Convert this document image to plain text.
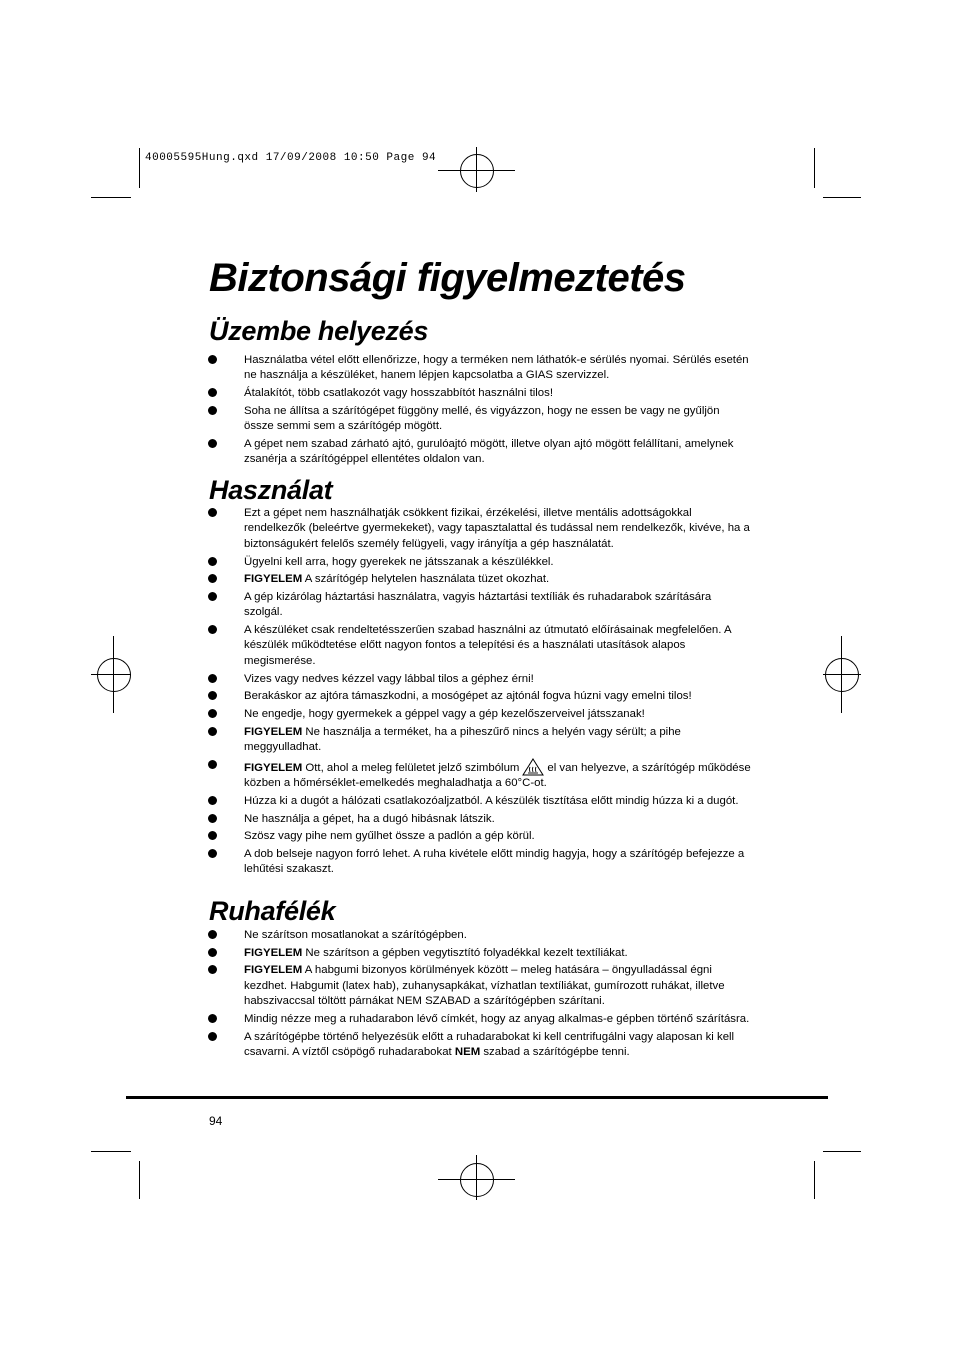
40005595Hung.qxd 17/09/2008 10:50 Page 94
Biztonsági figyelmeztetés
Üzembe helyezés
Használatba vétel előtt ellenőrizze, hogy a terméken nem láthatók-e sérülés nyomai. Sérülés esetén ne használja a készüléket, hanem lépjen kapcsolatba a GIAS szervizzel.
Átalakítót, több csatlakozót vagy hosszabbítót használni tilos!
Soha ne állítsa a szárítógépet függöny mellé, és vigyázzon, hogy ne essen be vagy ne gyűljön össze semmi sem a szárítógép mögött.
A gépet nem szabad zárható ajtó, gurulóajtó mögött, illetve olyan ajtó mögött felállítani, amelynek zsanérja a szárítógéppel ellentétes oldalon van.
Használat
Ezt a gépet nem használhatják csökkent fizikai, érzékelési, illetve mentális adottságokkal rendelkezők (beleértve gyermekeket), vagy tapasztalattal és tudással nem rendelkezők, kivéve, ha a biztonságukért felelős személy felügyeli, vagy irányítja a gép használatát.
Ügyelni kell arra, hogy gyerekek ne játsszanak a készülékkel.
FIGYELEM A szárítógép helytelen használata tüzet okozhat.
A gép kizárólag háztartási használatra, vagyis háztartási textíliák és ruhadarabok szárítására szolgál.
A készüléket csak rendeltetésszerűen szabad használni az útmutató előírásainak megfelelően. A készülék működtetése előtt nagyon fontos a telepítési és a használati utasítások alapos megismerése.
Vizes vagy nedves kézzel vagy lábbal tilos a géphez érni!
Berakáskor az ajtóra támaszkodni, a mosógépet az ajtónál fogva húzni vagy emelni tilos!
Ne engedje, hogy gyermekek a géppel vagy a gép kezelőszerveivel játsszanak!
FIGYELEM Ne használja a terméket, ha a piheszűrő nincs a helyén vagy sérült; a pihe meggyulladhat.
FIGYELEM Ott, ahol a meleg felületet jelző szimbólum el van helyezve, a szárítógép működése közben a hőmérséklet-emelkedés meghaladhatja a 60°C-ot.
Húzza ki a dugót a hálózati csatlakozóaljzatból. A készülék tisztítása előtt mindig húzza ki a dugót.
Ne használja a gépet, ha a dugó hibásnak látszik.
Szösz vagy pihe nem gyűlhet össze a padlón a gép körül.
A dob belseje nagyon forró lehet. A ruha kivétele előtt mindig hagyja, hogy a szárítógép befejezze a lehűtési szakaszt.
Ruhafélék
Ne szárítson mosatlanokat a szárítógépben.
FIGYELEM Ne szárítson a gépben vegytisztító folyadékkal kezelt textíliákat.
FIGYELEM A habgumi bizonyos körülmények között – meleg hatására – öngyulladással égni kezdhet. Habgumit (latex hab), zuhanysapkákat, vízhatlan textíliákat, gumírozott ruhákat, illetve habszivaccsal töltött párnákat NEM SZABAD a szárítógépben szárítani.
Mindig nézze meg a ruhadarabon lévő címkét, hogy az anyag alkalmas-e gépben történő szárításra.
A szárítógépbe történő helyezésük előtt a ruhadarabokat ki kell centrifugálni vagy alaposan ki kell csavarni. A víztől csöpögő ruhadarabokat NEM szabad a szárítógépbe tenni.
94
